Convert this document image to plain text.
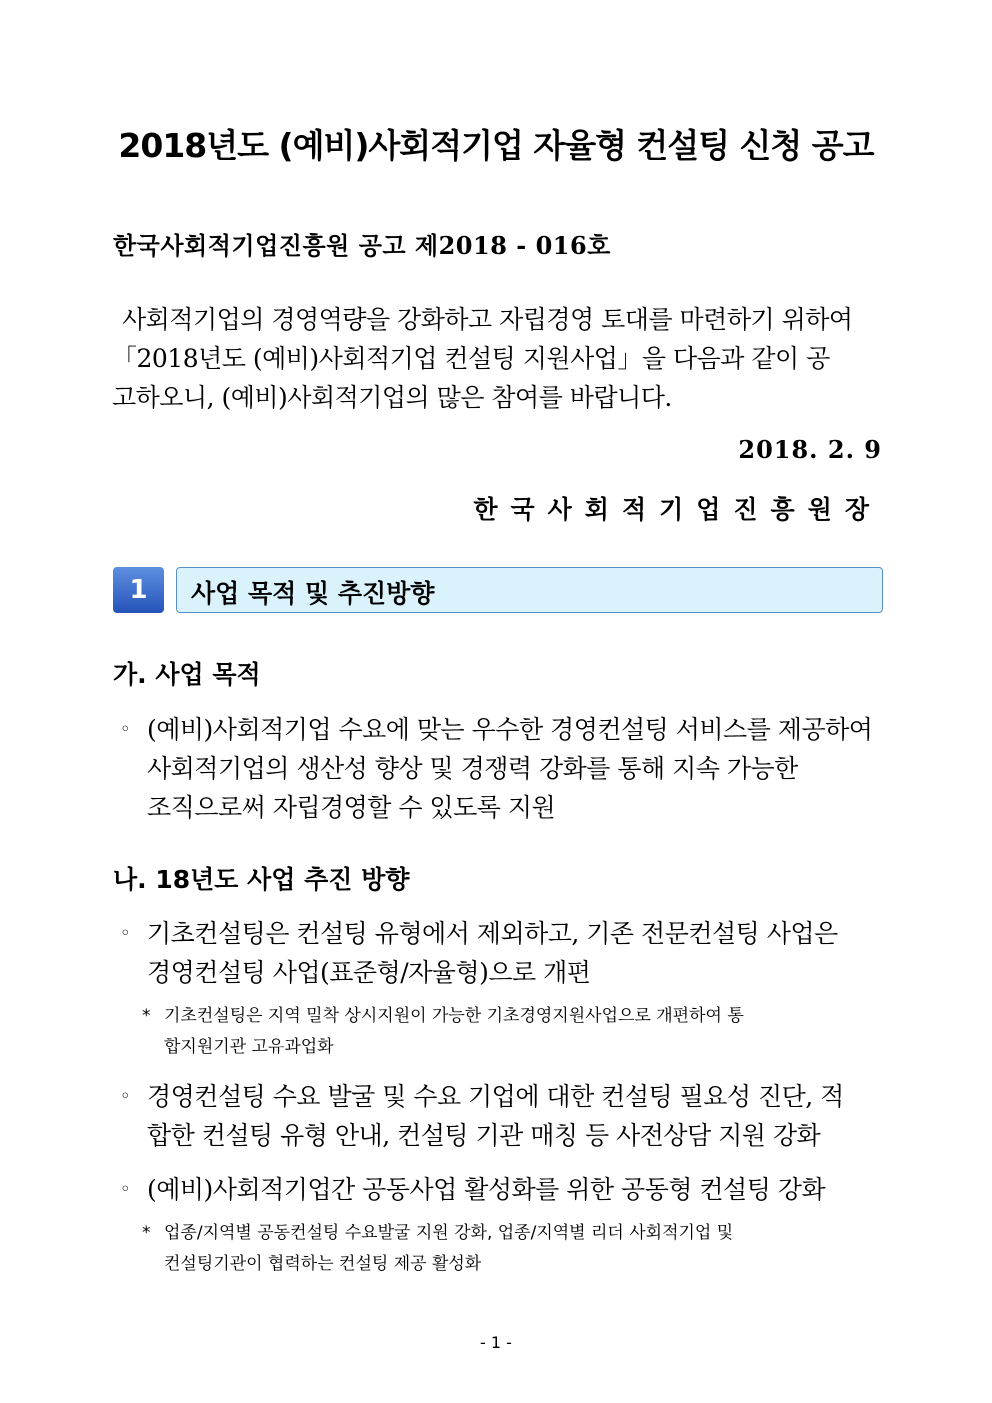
2018년도 (예비)사회적기업 자율형 컨설팅 신청 공고
한국사회적기업진흥원 공고 제2018 - 016호

사회적기업의 경영역량을 강화하고 자립경영 토대를 마련하기 위하여

「2018년도 (예비)사회적기업 컨설팅 지원사업」을 다음과 같이 공

고하오니, (예비)사회적기업의 많은 참여를 바랍니다.

2018. 2. 9
한국사회적기업진흥원장
1	사업 목적 및 추진방향
가. 사업 목적
◦ (예비)사회적기업 수요에 맞는 우수한 경영컨설팅 서비스를 제공하여
사회적기업의 생산성 향상 및 경쟁력 강화를 통해 지속 가능한
조직으로써 자립경영할 수 있도록 지원
나. 18년도 사업 추진 방향
◦ 기초컨설팅은 컨설팅 유형에서 제외하고, 기존 전문컨설팅 사업은
경영컨설팅 사업(표준형/자율형)으로 개편
* 기초컨설팅은 지역 밀착 상시지원이 가능한 기초경영지원사업으로 개편하여 통
합지원기관 고유과업화
◦ 경영컨설팅 수요 발굴 및 수요 기업에 대한 컨설팅 필요성 진단, 적
합한 컨설팅 유형 안내, 컨설팅 기관 매칭 등 사전상담 지원 강화
◦ (예비)사회적기업간 공동사업 활성화를 위한 공동형 컨설팅 강화
* 업종/지역별 공동컨설팅 수요발굴 지원 강화, 업종/지역별 리더 사회적기업 및
컨설팅기관이 협력하는 컨설팅 제공 활성화
- 1 -
